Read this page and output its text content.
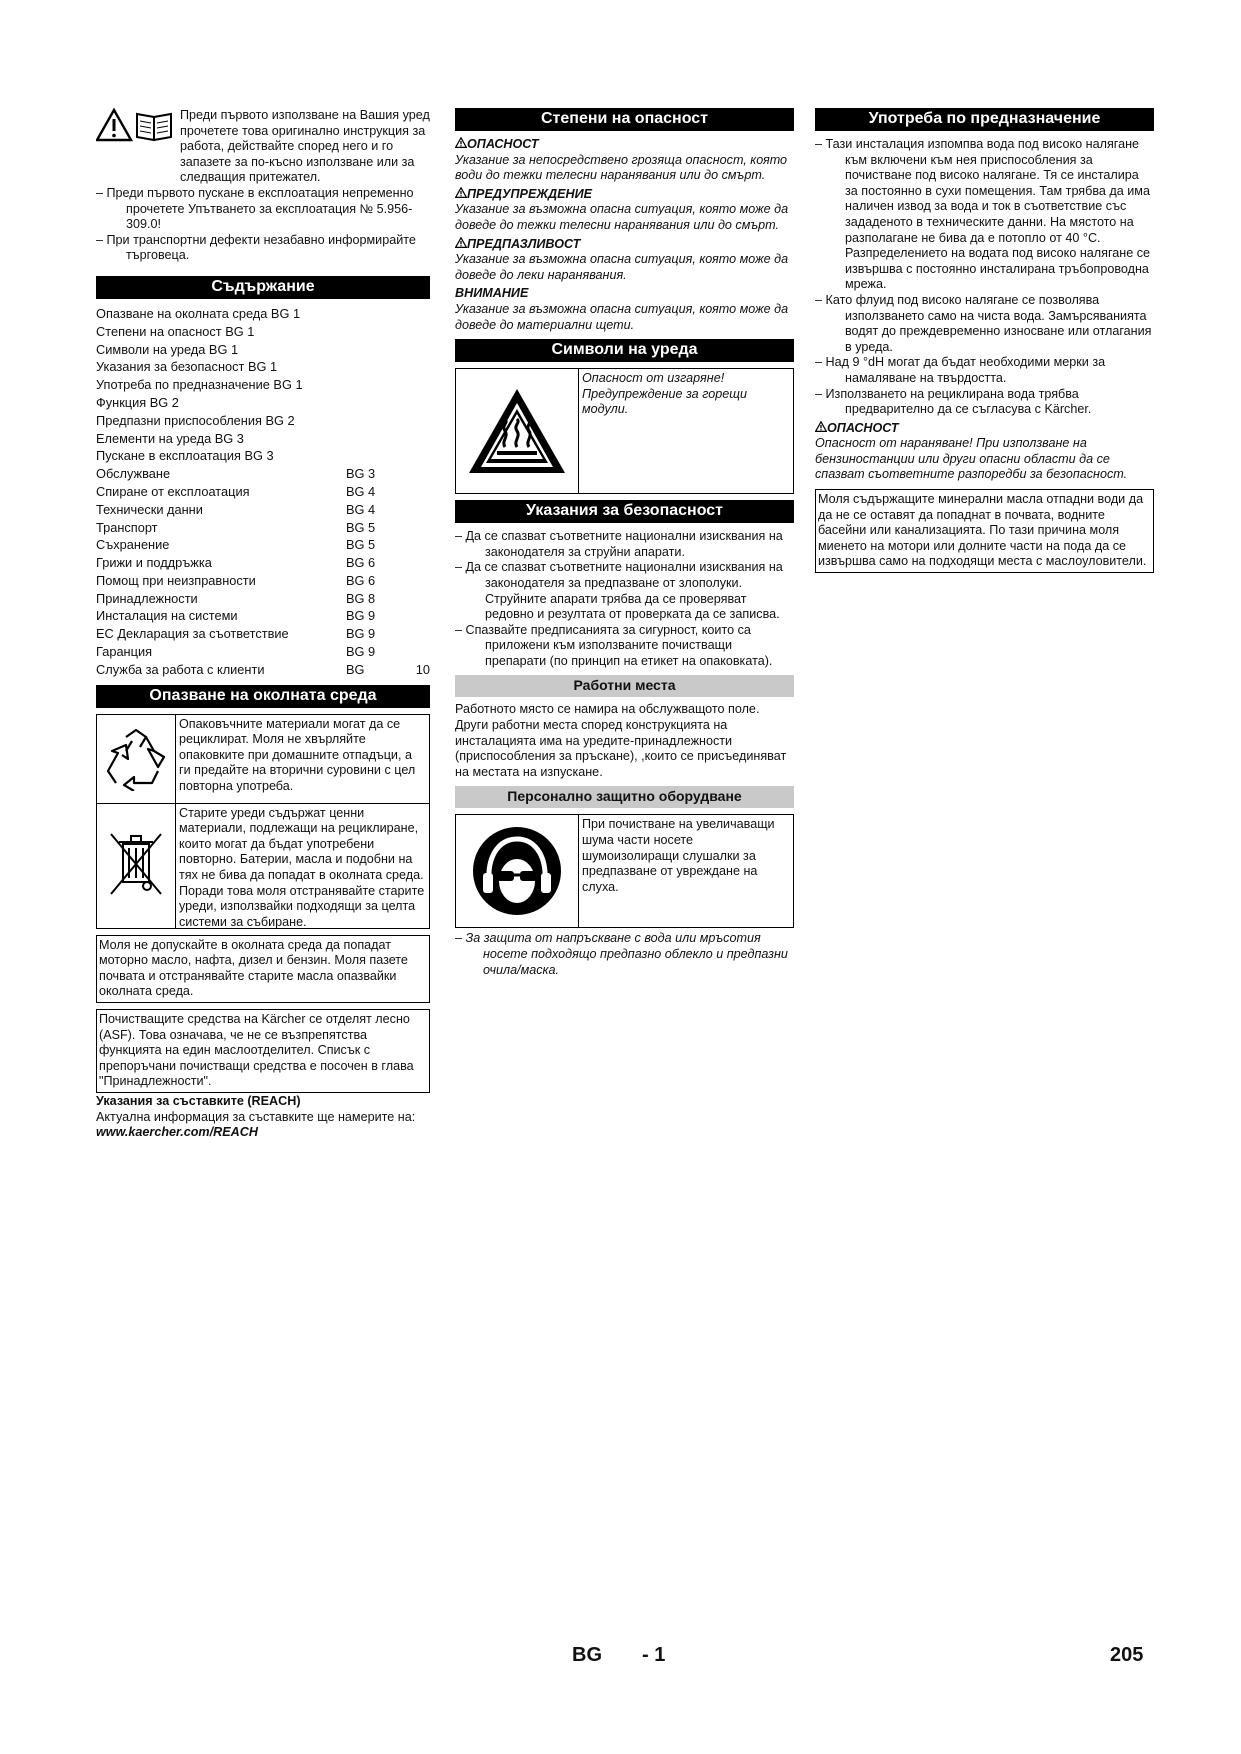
Преди първото използване на Вашия уред прочетете това оригинално инструкция за работа, действайте според него и го запазете за по-късно използване или за следващия притежател.

– Преди първото пускане в експлоатация непременно прочетете Упътването за експлоатация № 5.956-309.0!

– При транспортни дефекти незабавно информирайте търговеца.

Съдържание
Опазване на околната среда BG 1
Степени на опасност BG 1
Символи на уреда BG 1
Указания за безопасност BG 1
Употреба по предназначение BG 1
Функция BG 2
Предпазни приспособления BG 2
Елементи на уреда BG 3
Пускане в експлоатация BG 3
Обслужване	BG 3
Спиране от експлоатация	BG 4
Технически данни	BG 4
Транспорт	BG 5
Съхранение	BG 5
Грижи и поддръжка	BG 6
Помощ при неизправности	BG 6
Принадлежности	BG 8
Инсталация на системи	BG 9
ЕС Декларация за съответствие	BG 9
Гаранция	BG 9
Служба за работа с клиенти	BG	10
Опазване на околната среда
Опаковъчните материали могат да се рециклират. Моля не хвърляйте опаковките при домашните отпадъци, а ги предайте на вторични суровини с цел повторна употреба.
Старите уреди съдържат ценни материали, подлежащи на рециклиране, които могат да бъдат употребени повторно. Батерии, масла и подобни на тях не бива да попадат в околната среда. Поради това моля отстранявайте старите уреди, използвайки подходящи за целта системи за събиране.
Моля не допускайте в околната среда да попадат моторно масло, нафта, дизел и бензин. Моля пазете почвата и отстранявайте старите масла опазвайки околната среда.
Почистващите средства на Kärcher се отделят лесно (ASF). Това означава, че не се възпрепятства функцията на един маслоотделител. Списък с препоръчани почистващи средства е посочен в глава "Принадлежности".

Указания за съставките (REACH)

Актуална информация за съставките ще намерите на:

www.kaercher.com/REACH

Степени на опасност

ОПАСНОСТ

Указание за непосредствено грозяща опасност, която води до тежки телесни наранявания или до смърт.

ПРЕДУПРЕЖДЕНИЕ

Указание за възможна опасна ситуация, която може да доведе до тежки телесни наранявания или до смърт.

ПРЕДПАЗЛИВОСТ

Указание за възможна опасна ситуация, която може да доведе до леки наранявания.

ВНИМАНИЕ

Указание за възможна опасна ситуация, която може да доведе до материални щети.

Символи на уреда
Опасност от изгаряне! Предупреждение за горещи модули.
Указания за безопасност

– Да се спазват съответните национални изисквания на законодателя за струйни апарати.

– Да се спазват съответните национални изисквания на законодателя за предпазване от злополуки. Струйните апарати трябва да се проверяват редовно и резултата от проверката да се записва.

– Спазвайте предписанията за сигурност, които са приложени към използваните почистващи препарати (по принцип на етикет на опаковката).

Работни места

Работното място се намира на обслужващото поле. Други работни места според конструкцията на инсталацията има на уредите-принадлежности (приспособления за пръскане), ,които се присъединяват на местата на изпускане.

Персонално защитно оборудване
При почистване на увеличаващи шума части носете шумоизолиращи слушалки за предпазване от увреждане на слуха.

– За защита от напръскване с вода или мръсотия носете подходящо предпазно облекло и предпазни очила/маска.

Употреба по предназначение

– Тази инсталация изпомпва вода под високо налягане към включени към нея приспособления за почистване под високо налягане. Тя се инсталира за постоянно в сухи помещения. Там трябва да има наличен извод за вода и ток в съответствие със зададеното в техническите данни. На мястото на разполагане не бива да е потопло от 40 °C. Разпределението на водата под високо налягане се извършва с постоянно инсталирана тръбопроводна мрежа.

– Като флуид под високо налягане се позволява използването само на чиста вода. Замърсяванията водят до преждевременно износване или отлагания в уреда.

– Над 9 °dH могат да бъдат необходими мерки за намаляване на твърдостта.

– Използването на рециклирана вода трябва предварително да се съгласува с Kärcher.

ОПАСНОСТ

Опасност от нараняване! При използване на бензиностанции или други опасни области да се спазват съответните разпоредби за безопасност.

Моля съдържащите минерални масла отпадни води да да не се оставят да попаднат в почвата, водните басейни или канализацията. По тази причина моля миенето на мотори или долните части на пода да се извършва само на подходящи места с маслоуловители.
BG - 1	205
